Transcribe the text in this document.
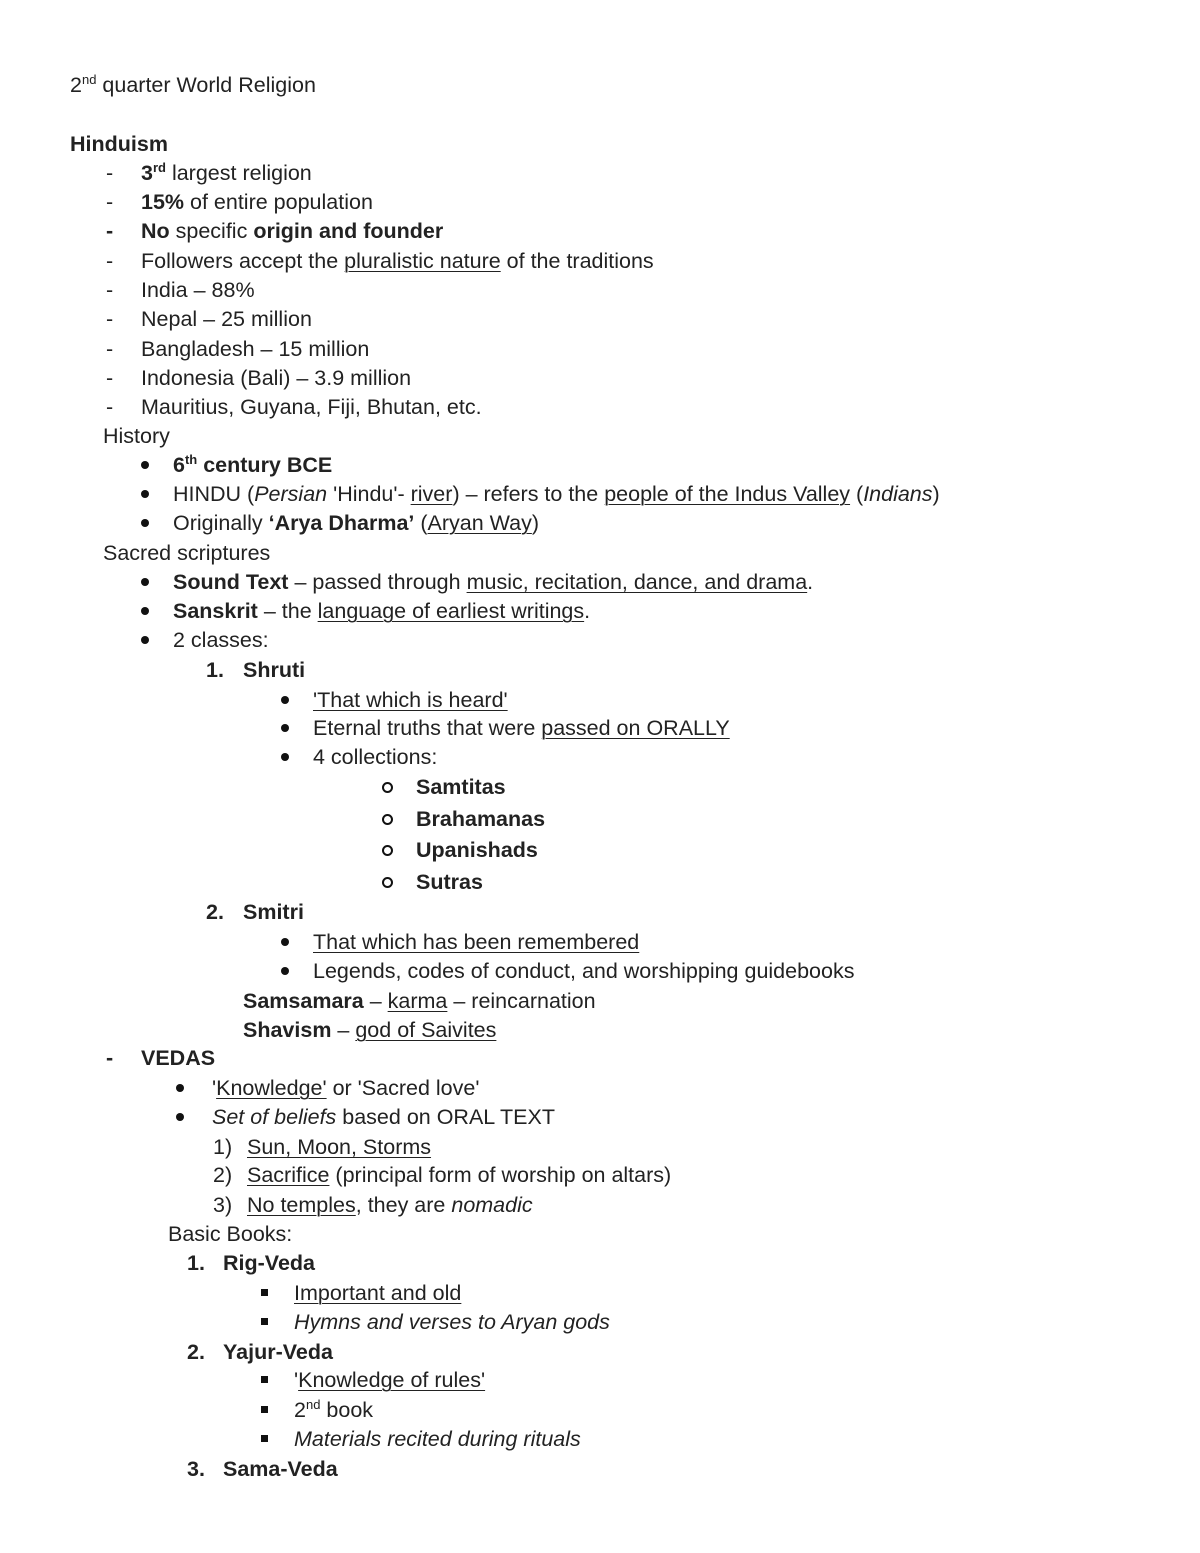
2nd quarter World Religion
Hinduism
- 3rd largest religion
- 15% of entire population
- No specific origin and founder
- Followers accept the pluralistic nature of the traditions
- India – 88%
- Nepal – 25 million
- Bangladesh – 15 million
- Indonesia (Bali) – 3.9 million
- Mauritius, Guyana, Fiji, Bhutan, etc.
History
6th century BCE
HINDU (Persian 'Hindu'- river) – refers to the people of the Indus Valley (Indians)
Originally ‘Arya Dharma’ (Aryan Way)
Sacred scriptures
Sound Text – passed through music, recitation, dance, and drama.
Sanskrit – the language of earliest writings.
2 classes:
1. Shruti
'That which is heard'
Eternal truths that were passed on ORALLY
4 collections:
Samtitas
Brahamanas
Upanishads
Sutras
2. Smitri
That which has been remembered
Legends, codes of conduct, and worshipping guidebooks
Samsamara – karma – reincarnation
Shavism – god of Saivites
- VEDAS
'Knowledge' or 'Sacred love'
Set of beliefs based on ORAL TEXT
1) Sun, Moon, Storms
2) Sacrifice (principal form of worship on altars)
3) No temples, they are nomadic
Basic Books:
1. Rig-Veda
Important and old
Hymns and verses to Aryan gods
2. Yajur-Veda
'Knowledge of rules'
2nd book
Materials recited during rituals
3. Sama-Veda
